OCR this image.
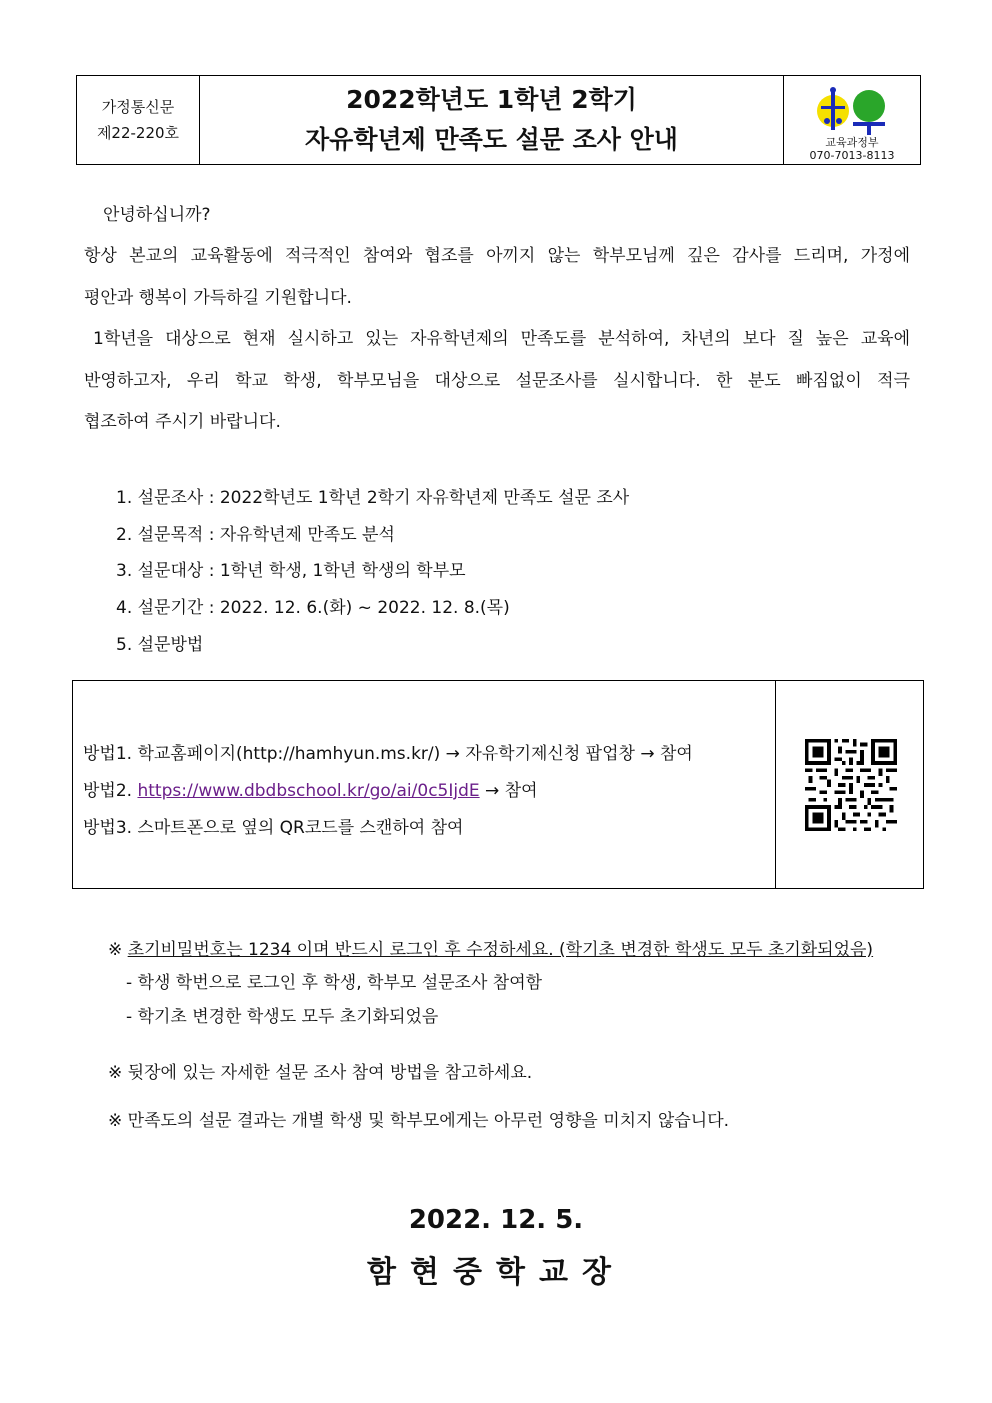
가정통신문
제22-220호
2022학년도 1학년 2학기
자유학년제 만족도 설문 조사 안내	교육과정부
070-7013-8113
안녕하십니까?
항상 본교의 교육활동에 적극적인 참여와 협조를 아끼지 않는 학부모님께 깊은 감사를 드리며, 가정에
평안과 행복이 가득하길 기원합니다.
1학년을 대상으로 현재 실시하고 있는 자유학년제의 만족도를 분석하여, 차년의 보다 질 높은 교육에
반영하고자, 우리 학교 학생, 학부모님을 대상으로 설문조사를 실시합니다. 한 분도 빠짐없이 적극
협조하여 주시기 바랍니다.
1. 설문조사 : 2022학년도 1학년 2학기 자유학년제 만족도 설문 조사
2. 설문목적 : 자유학년제 만족도 분석
3. 설문대상 : 1학년 학생, 1학년 학생의 학부모
4. 설문기간 : 2022. 12. 6.(화) ~ 2022. 12. 8.(목)
5. 설문방법
방법1. 학교홈페이지(http://hamhyun.ms.kr/) → 자유학기제신청 팝업창 → 참여
방법2. https://www.dbdbschool.kr/go/ai/0c5IjdE → 참여
방법3. 스마트폰으로 옆의 QR코드를 스캔하여 참여
※ 초기비밀번호는 1234 이며 반드시 로그인 후 수정하세요. (학기초 변경한 학생도 모두 초기화되었음)
- 학생 학번으로 로그인 후 학생, 학부모 설문조사 참여함
- 학기초 변경한 학생도 모두 초기화되었음
※ 뒷장에 있는 자세한 설문 조사 참여 방법을 참고하세요.
※ 만족도의 설문 결과는 개별 학생 및 학부모에게는 아무런 영향을 미치지 않습니다.
2022. 12. 5.
함현중학교장
